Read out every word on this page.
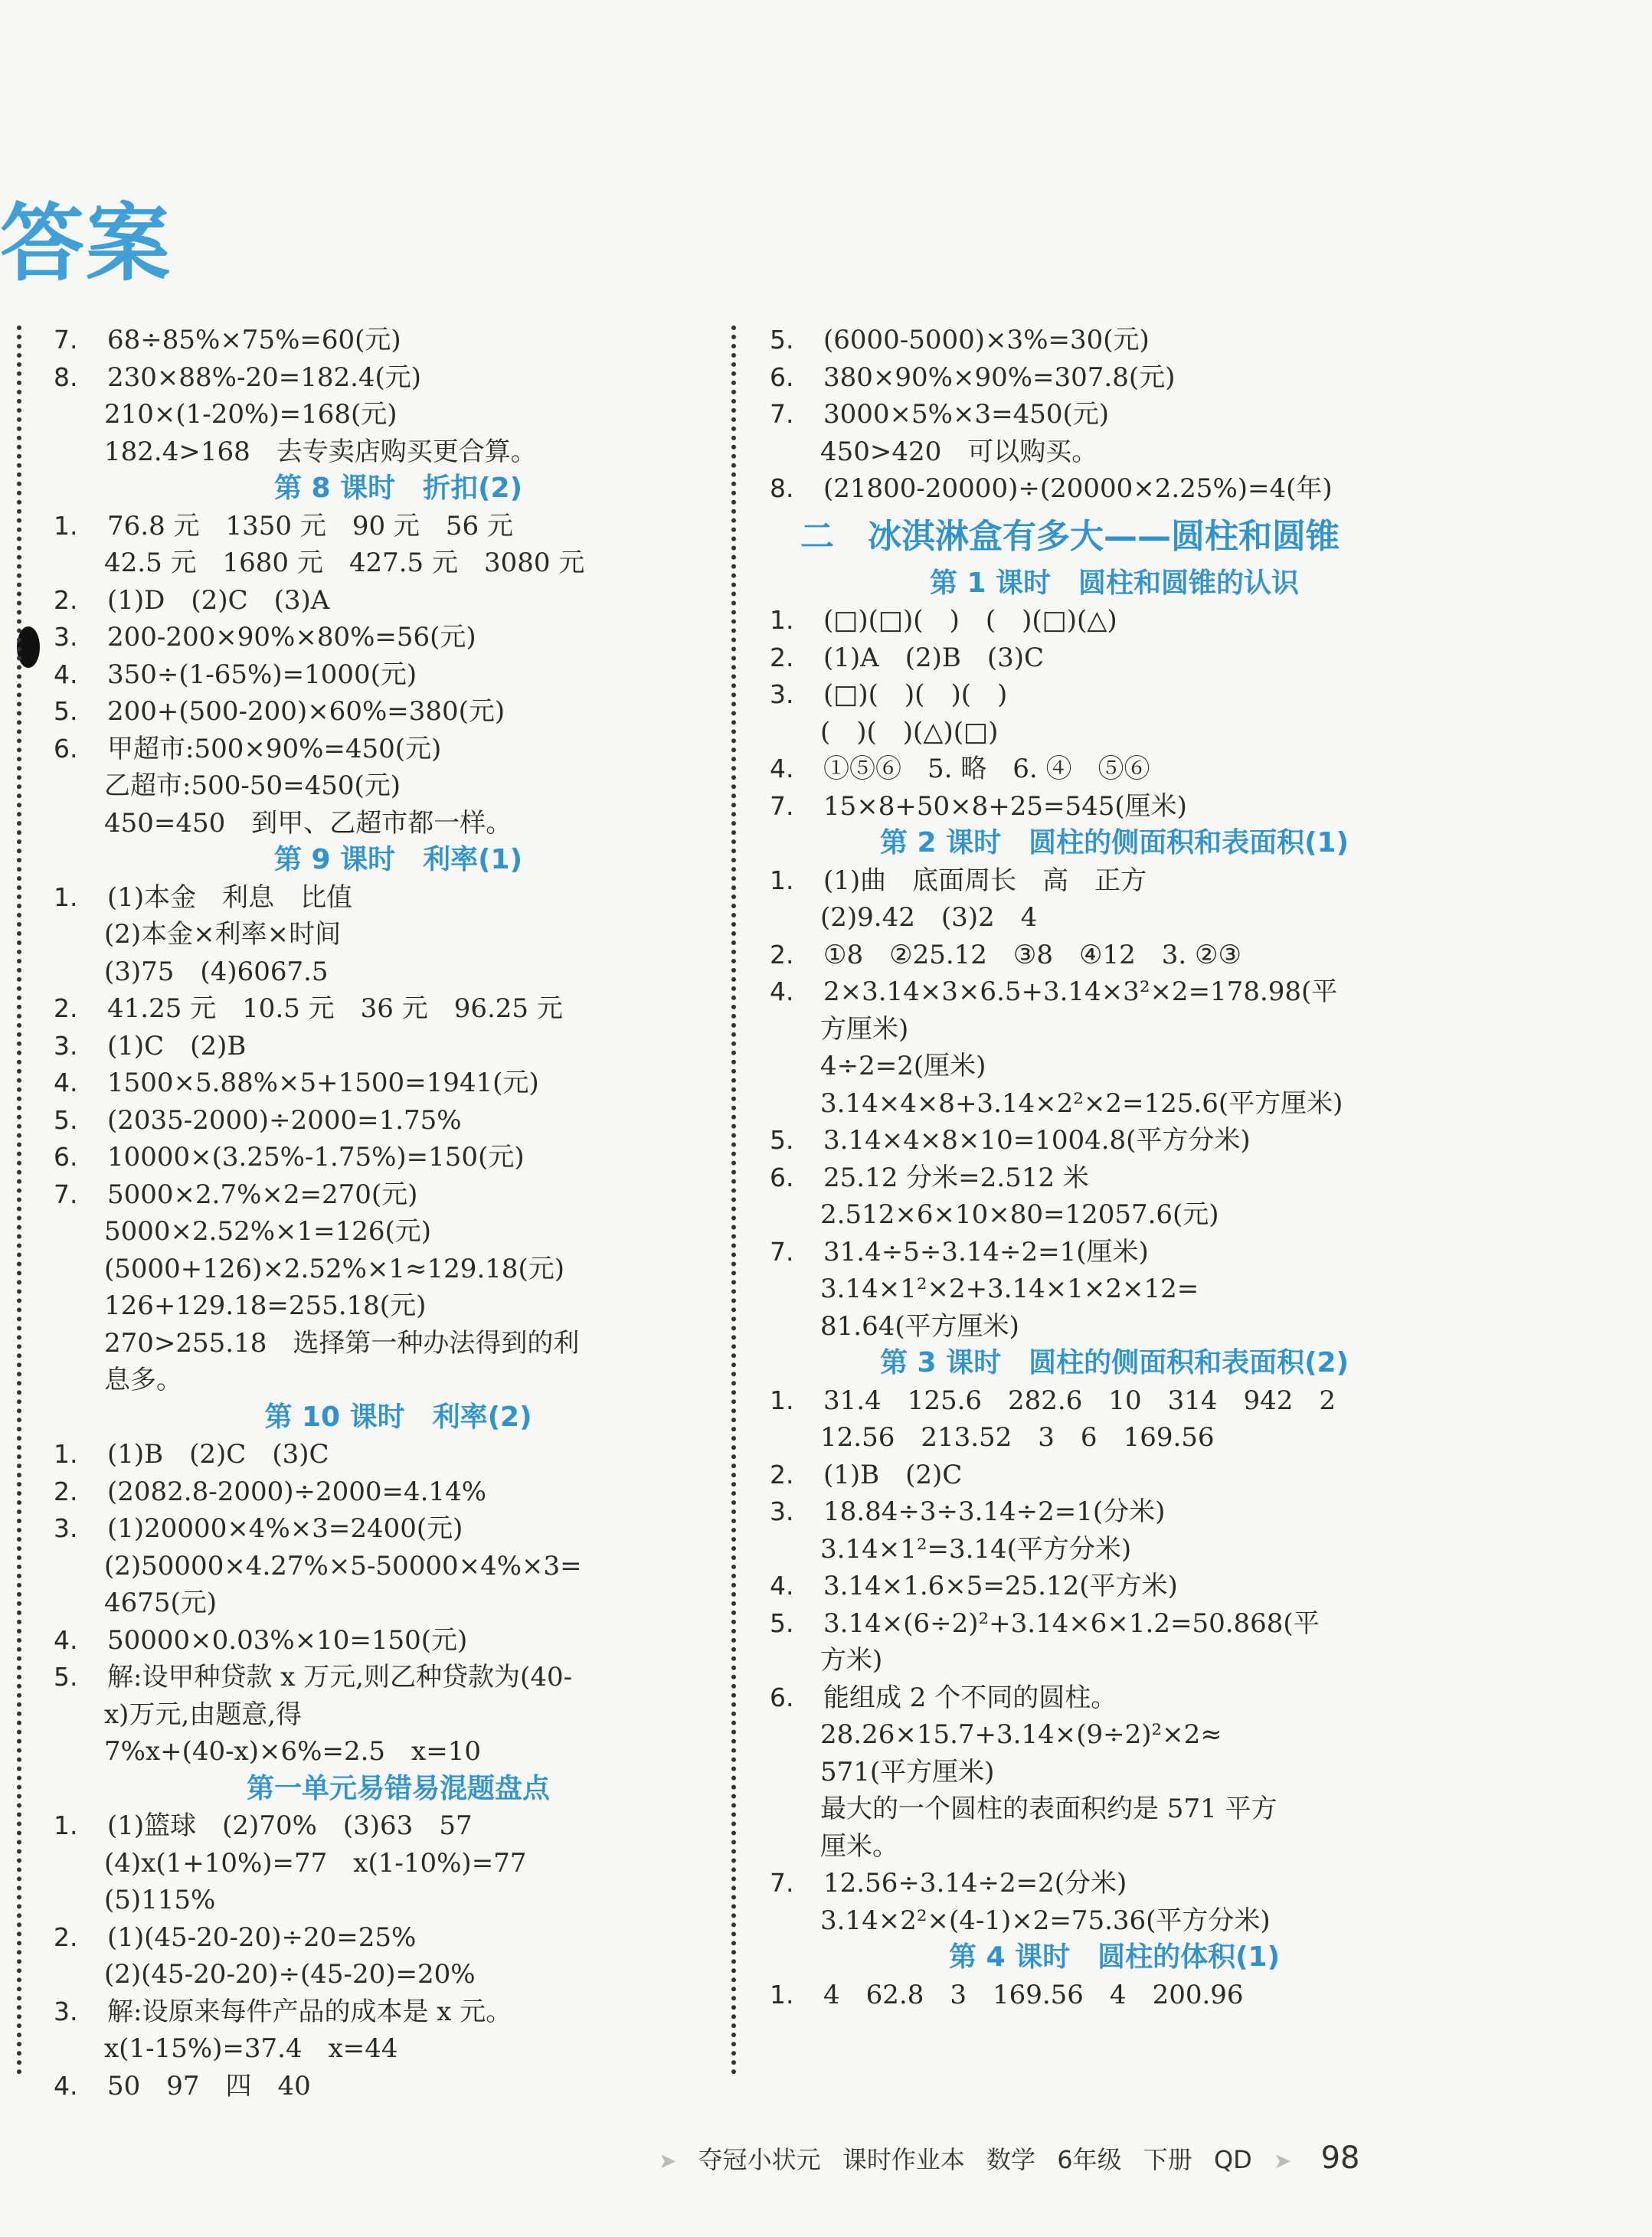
答案
7. 68÷85%×75%=60(元)
8. 230×88%-20=182.4(元)
210×(1-20%)=168(元)
182.4>168　去专卖店购买更合算。
第 8 课时　折扣(2)
1. 76.8 元　1350 元　90 元　56 元
42.5 元　1680 元　427.5 元　3080 元
2. (1)D　(2)C　(3)A
3. 200-200×90%×80%=56(元)
4. 350÷(1-65%)=1000(元)
5. 200+(500-200)×60%=380(元)
6. 甲超市:500×90%=450(元)
乙超市:500-50=450(元)
450=450　到甲、乙超市都一样。
第 9 课时　利率(1)
1. (1)本金　利息　比值
(2)本金×利率×时间
(3)75　(4)6067.5
2. 41.25 元　10.5 元　36 元　96.25 元
3. (1)C　(2)B
4. 1500×5.88%×5+1500=1941(元)
5. (2035-2000)÷2000=1.75%
6. 10000×(3.25%-1.75%)=150(元)
7. 5000×2.7%×2=270(元)
5000×2.52%×1=126(元)
(5000+126)×2.52%×1≈129.18(元)
126+129.18=255.18(元)
270>255.18　选择第一种办法得到的利
息多。
第 10 课时　利率(2)
1. (1)B　(2)C　(3)C
2. (2082.8-2000)÷2000=4.14%
3. (1)20000×4%×3=2400(元)
(2)50000×4.27%×5-50000×4%×3=
4675(元)
4. 50000×0.03%×10=150(元)
5. 解:设甲种贷款 x 万元,则乙种贷款为(40-
x)万元,由题意,得
7%x+(40-x)×6%=2.5　x=10
第一单元易错易混题盘点
1. (1)篮球　(2)70%　(3)63　57
(4)x(1+10%)=77　x(1-10%)=77
(5)115%
2. (1)(45-20-20)÷20=25%
(2)(45-20-20)÷(45-20)=20%
3. 解:设原来每件产品的成本是 x 元。
x(1-15%)=37.4　x=44
4. 50　97　四　40
5. (6000-5000)×3%=30(元)
6. 380×90%×90%=307.8(元)
7. 3000×5%×3=450(元)
450>420　可以购买。
8. (21800-20000)÷(20000×2.25%)=4(年)
二　冰淇淋盒有多大——圆柱和圆锥
第 1 课时　圆柱和圆锥的认识
1. (□)(□)(　)　(　)(□)(△)
2. (1)A　(2)B　(3)C
3. (□)(　)(　)(　)
(　)(　)(△)(□)
4. ①⑤⑥　5. 略　6. ④　⑤⑥
7. 15×8+50×8+25=545(厘米)
第 2 课时　圆柱的侧面积和表面积(1)
1. (1)曲　底面周长　高　正方
(2)9.42　(3)2　4
2. ①8　②25.12　③8　④12　3. ②③
4. 2×3.14×3×6.5+3.14×3²×2=178.98(平
方厘米)
4÷2=2(厘米)
3.14×4×8+3.14×2²×2=125.6(平方厘米)
5. 3.14×4×8×10=1004.8(平方分米)
6. 25.12 分米=2.512 米
2.512×6×10×80=12057.6(元)
7. 31.4÷5÷3.14÷2=1(厘米)
3.14×1²×2+3.14×1×2×12=
81.64(平方厘米)
第 3 课时　圆柱的侧面积和表面积(2)
1. 31.4　125.6　282.6　10　314　942　2
12.56　213.52　3　6　169.56
2. (1)B　(2)C
3. 18.84÷3÷3.14÷2=1(分米)
3.14×1²=3.14(平方分米)
4. 3.14×1.6×5=25.12(平方米)
5. 3.14×(6÷2)²+3.14×6×1.2=50.868(平
方米)
6. 能组成 2 个不同的圆柱。
28.26×15.7+3.14×(9÷2)²×2≈
571(平方厘米)
最大的一个圆柱的表面积约是 571 平方
厘米。
7. 12.56÷3.14÷2=2(分米)
3.14×2²×(4-1)×2=75.36(平方分米)
第 4 课时　圆柱的体积(1)
1. 4　62.8　3　169.56　4　200.96
➤ 夺冠小状元 课时作业本 数学 6年级 下册 QD ➤ 98
